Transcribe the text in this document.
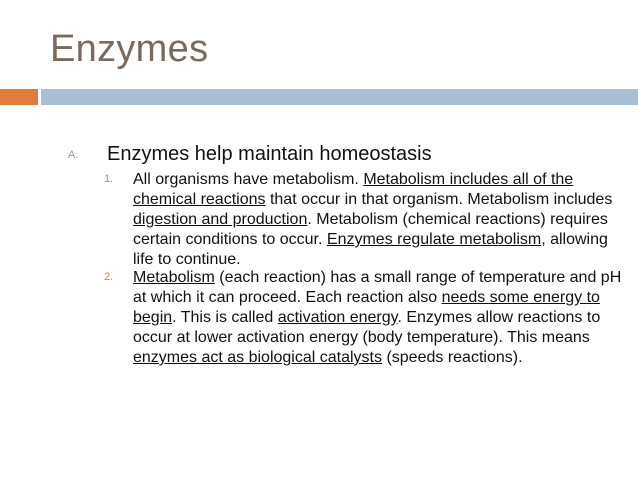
Enzymes
A. Enzymes help maintain homeostasis
1. All organisms have metabolism. Metabolism includes all of the chemical reactions that occur in that organism. Metabolism includes digestion and production. Metabolism (chemical reactions) requires certain conditions to occur. Enzymes regulate metabolism, allowing life to continue.
2. Metabolism (each reaction) has a small range of temperature and pH at which it can proceed. Each reaction also needs some energy to begin. This is called activation energy. Enzymes allow reactions to occur at lower activation energy (body temperature). This means enzymes act as biological catalysts (speeds reactions).
